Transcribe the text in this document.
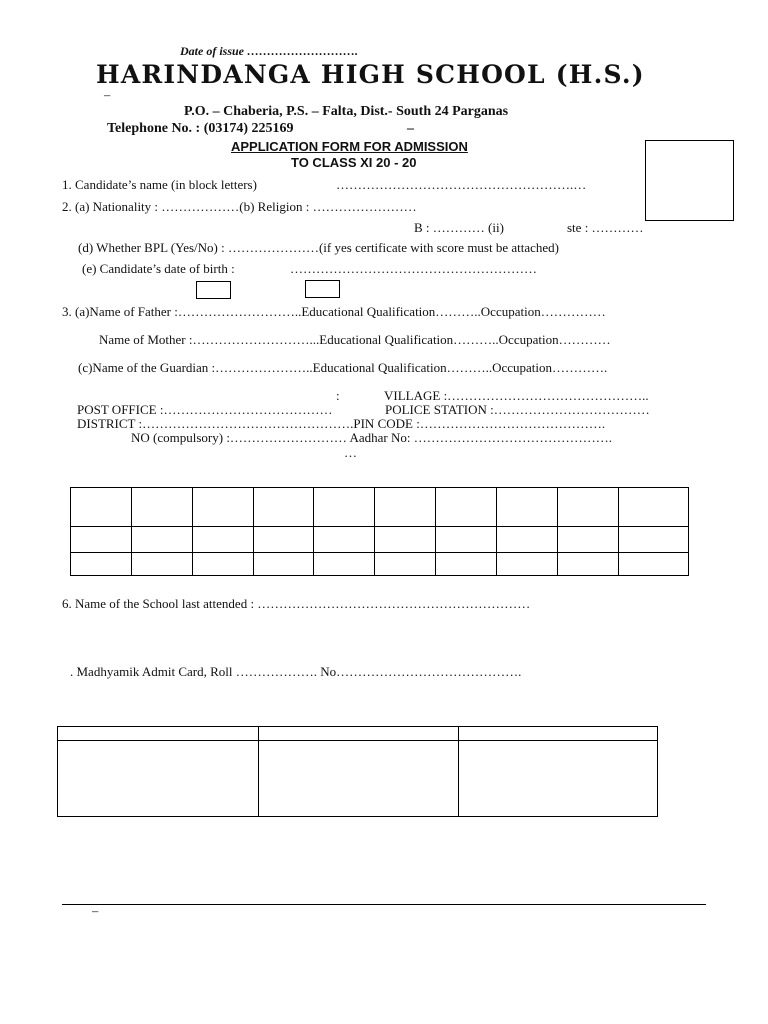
Date of issue ……………………….
HARINDANGA HIGH SCHOOL (H.S.)
–
P.O. – Chaberia, P.S. – Falta, Dist.- South 24 Parganas
Telephone No. : (03174) 225169	–
APPLICATION FORM FOR ADMISSION
TO CLASS XI 20 - 20
1. Candidate’s name (in block letters)	……………………………………………….…
2. (a) Nationality : ………………(b) Religion : ……………………
B : ………… (ii)	ste : …………
(d) Whether BPL (Yes/No) : …………………(if yes certificate with score must be attached)
(e) Candidate’s date of birth :	…………………………………………………
3. (a)Name of Father :………………………..Educational Qualification………..Occupation……………
Name of Mother :………………………...Educational Qualification………..Occupation…………
(c)Name of the Guardian :…………………..Educational Qualification………..Occupation………….
:	VILLAGE :………………………………………..
POST OFFICE :…………………………………	POLICE STATION :………………………………
DISTRICT :………………………………………….PIN CODE :…………………………………….
NO (compulsory) :……………………… Aadhar No: ……………………………………….
…

6. Name of the School last attended : ………………………………………………………
. Madhyamik Admit Card, Roll ………………. No…………………………………….

–
